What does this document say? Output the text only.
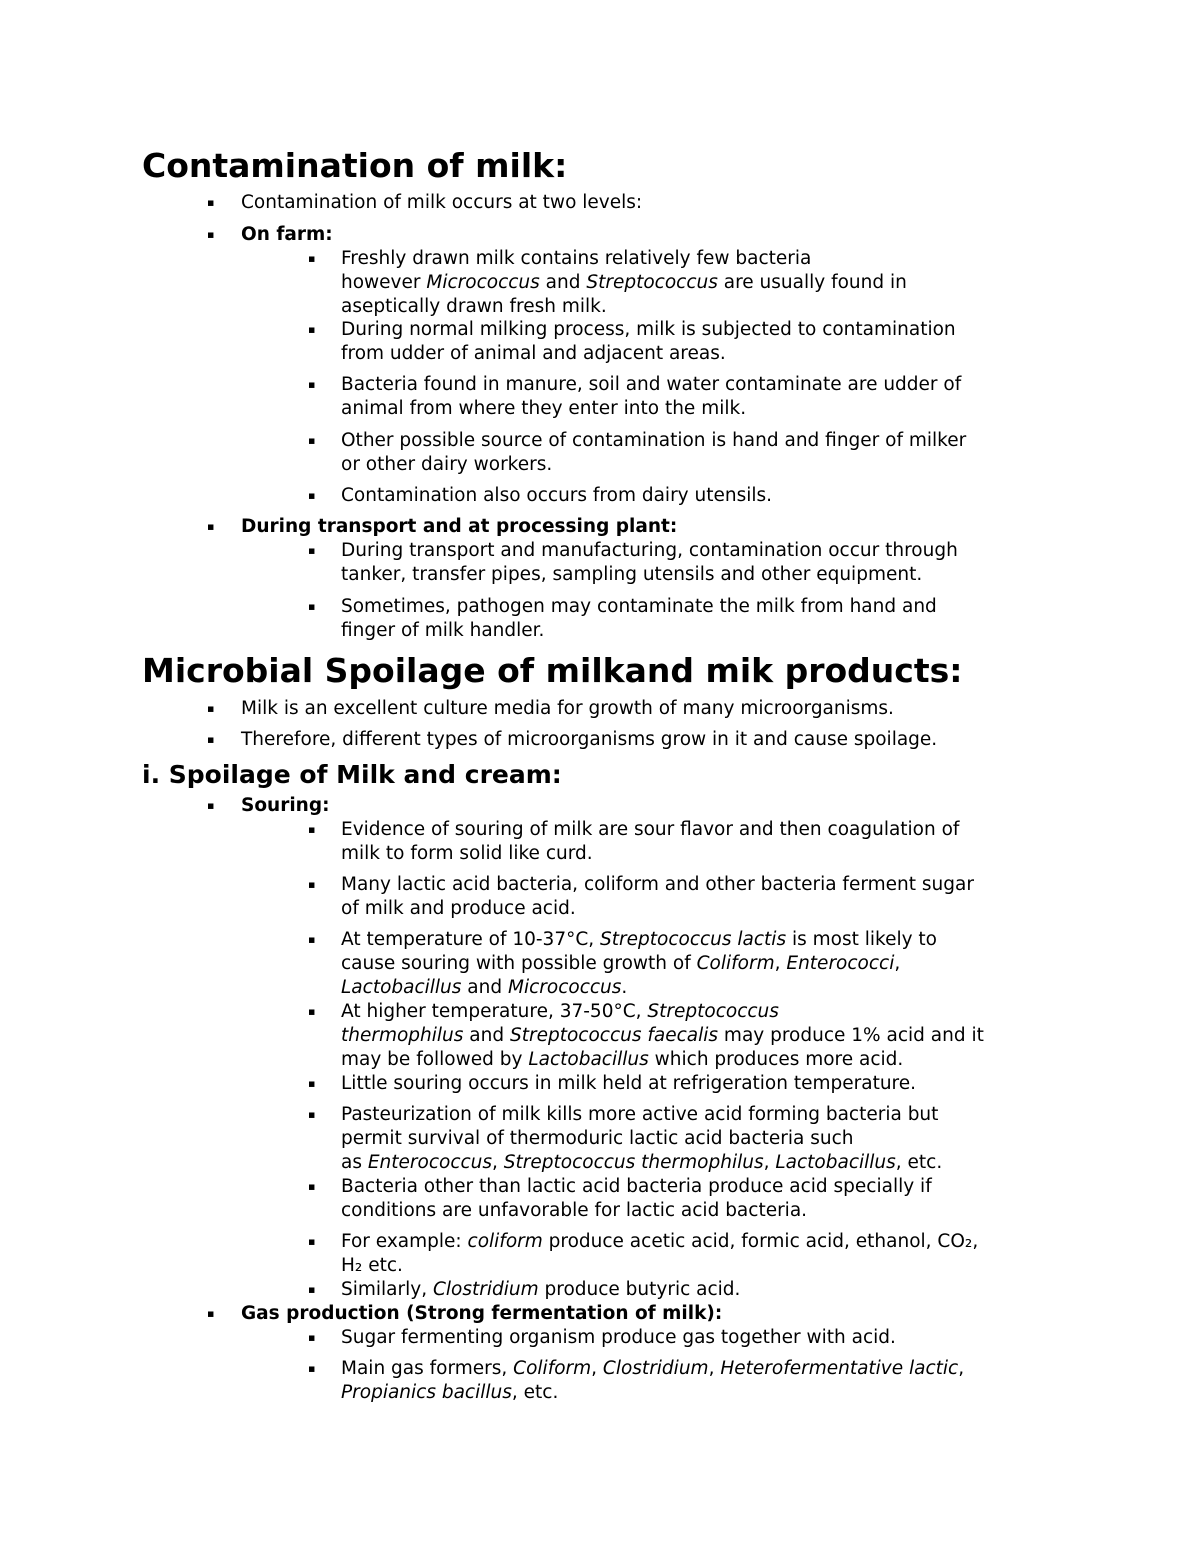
Contamination of milk:
▪ Contamination of milk occurs at two levels:

▪ On farm:

▪ Freshly drawn milk contains relatively few bacteria
however Micrococcus and Streptococcus are usually found in
aseptically drawn fresh milk.

▪ During normal milking process, milk is subjected to contamination
from udder of animal and adjacent areas.

▪ Bacteria found in manure, soil and water contaminate are udder of
animal from where they enter into the milk.

▪ Other possible source of contamination is hand and finger of milker
or other dairy workers.

▪ Contamination also occurs from dairy utensils.

▪ During transport and at processing plant:

▪ During transport and manufacturing, contamination occur through
tanker, transfer pipes, sampling utensils and other equipment.

▪ Sometimes, pathogen may contaminate the milk from hand and
finger of milk handler.

Microbial Spoilage of milkand mik products:
▪ Milk is an excellent culture media for growth of many microorganisms.

▪ Therefore, different types of microorganisms grow in it and cause spoilage.

i. Spoilage of Milk and cream:
▪ Souring:

▪ Evidence of souring of milk are sour flavor and then coagulation of
milk to form solid like curd.

▪ Many lactic acid bacteria, coliform and other bacteria ferment sugar
of milk and produce acid.

▪ At temperature of 10-37°C, Streptococcus lactis is most likely to
cause souring with possible growth of Coliform, Enterococci,
Lactobacillus and Micrococcus.

▪ At higher temperature, 37-50°C, Streptococcus
thermophilus and Streptococcus faecalis may produce 1% acid and it
may be followed by Lactobacillus which produces more acid.

▪ Little souring occurs in milk held at refrigeration temperature.

▪ Pasteurization of milk kills more active acid forming bacteria but
permit survival of thermoduric lactic acid bacteria such
as Enterococcus, Streptococcus thermophilus, Lactobacillus, etc.

▪ Bacteria other than lactic acid bacteria produce acid specially if
conditions are unfavorable for lactic acid bacteria.

▪ For example: coliform produce acetic acid, formic acid, ethanol, CO₂,
H₂ etc.

▪ Similarly, Clostridium produce butyric acid.

▪ Gas production (Strong fermentation of milk):

▪ Sugar fermenting organism produce gas together with acid.

▪ Main gas formers, Coliform, Clostridium, Heterofermentative lactic,
Propianics bacillus, etc.
